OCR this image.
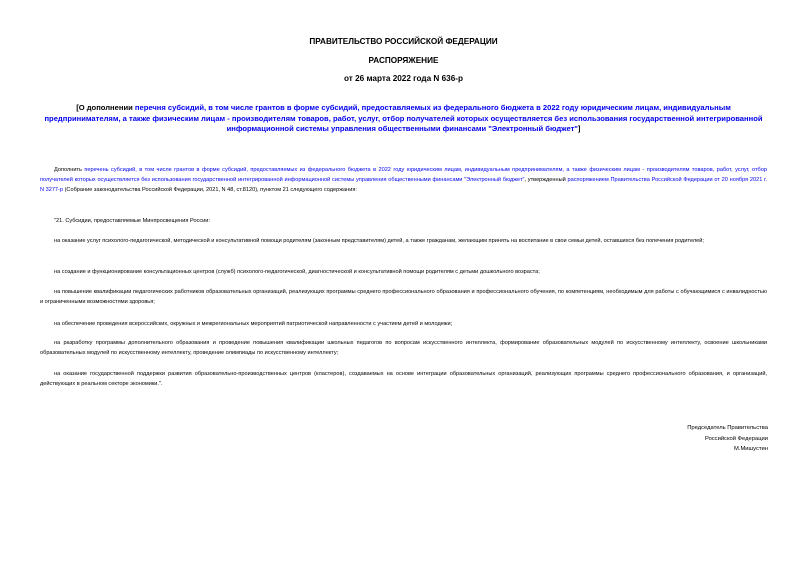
ПРАВИТЕЛЬСТВО РОССИЙСКОЙ ФЕДЕРАЦИИ
РАСПОРЯЖЕНИЕ
от 26 марта 2022 года N 636-р
[О дополнении перечня субсидий, в том числе грантов в форме субсидий, предоставляемых из федерального бюджета в 2022 году юридическим лицам, индивидуальным предпринимателям, а также физическим лицам - производителям товаров, работ, услуг, отбор получателей которых осуществляется без использования государственной интегрированной информационной системы управления общественными финансами "Электронный бюджет"]
Дополнить перечень субсидий, в том числе грантов в форме субсидий, предоставляемых из федерального бюджета в 2022 году юридическим лицам, индивидуальным предпринимателям, а также физическим лицам - производителям товаров, работ, услуг, отбор получателей которых осуществляется без использования государственной интегрированной информационной системы управления общественными финансами "Электронный бюджет", утвержденный распоряжением Правительства Российской Федерации от 20 ноября 2021 г. N 3277-р (Собрание законодательства Российской Федерации, 2021, N 48, ст.8120), пунктом 21 следующего содержания:
"21. Субсидии, предоставляемые Минпросвещения России:
на оказание услуг психолого-педагогической, методической и консультативной помощи родителям (законным представителям) детей, а также гражданам, желающим принять на воспитание в свои семьи детей, оставшихся без попечения родителей;
на создание и функционирование консультационных центров (служб) психолого-педагогической, диагностической и консультативной помощи родителям с детьми дошкольного возраста;
на повышение квалификации педагогических работников образовательных организаций, реализующих программы среднего профессионального образования и профессионального обучения, по компетенциям, необходимым для работы с обучающимися с инвалидностью и ограниченными возможностями здоровья;
на обеспечение проведения всероссийских, окружных и межрегиональных мероприятий патриотической направленности с участием детей и молодежи;
на разработку программы дополнительного образования и проведение повышения квалификации школьных педагогов по вопросам искусственного интеллекта, формирование образовательных модулей по искусственному интеллекту, освоение школьниками образовательных модулей по искусственному интеллекту, проведение олимпиады по искусственному интеллекту;
на оказание государственной поддержки развития образовательно-производственных центров (кластеров), создаваемых на основе интеграции образовательных организаций, реализующих программы среднего профессионального образования, и организаций, действующих в реальном секторе экономики.".
Председатель Правительства
Российской Федерации
М.Мишустин
